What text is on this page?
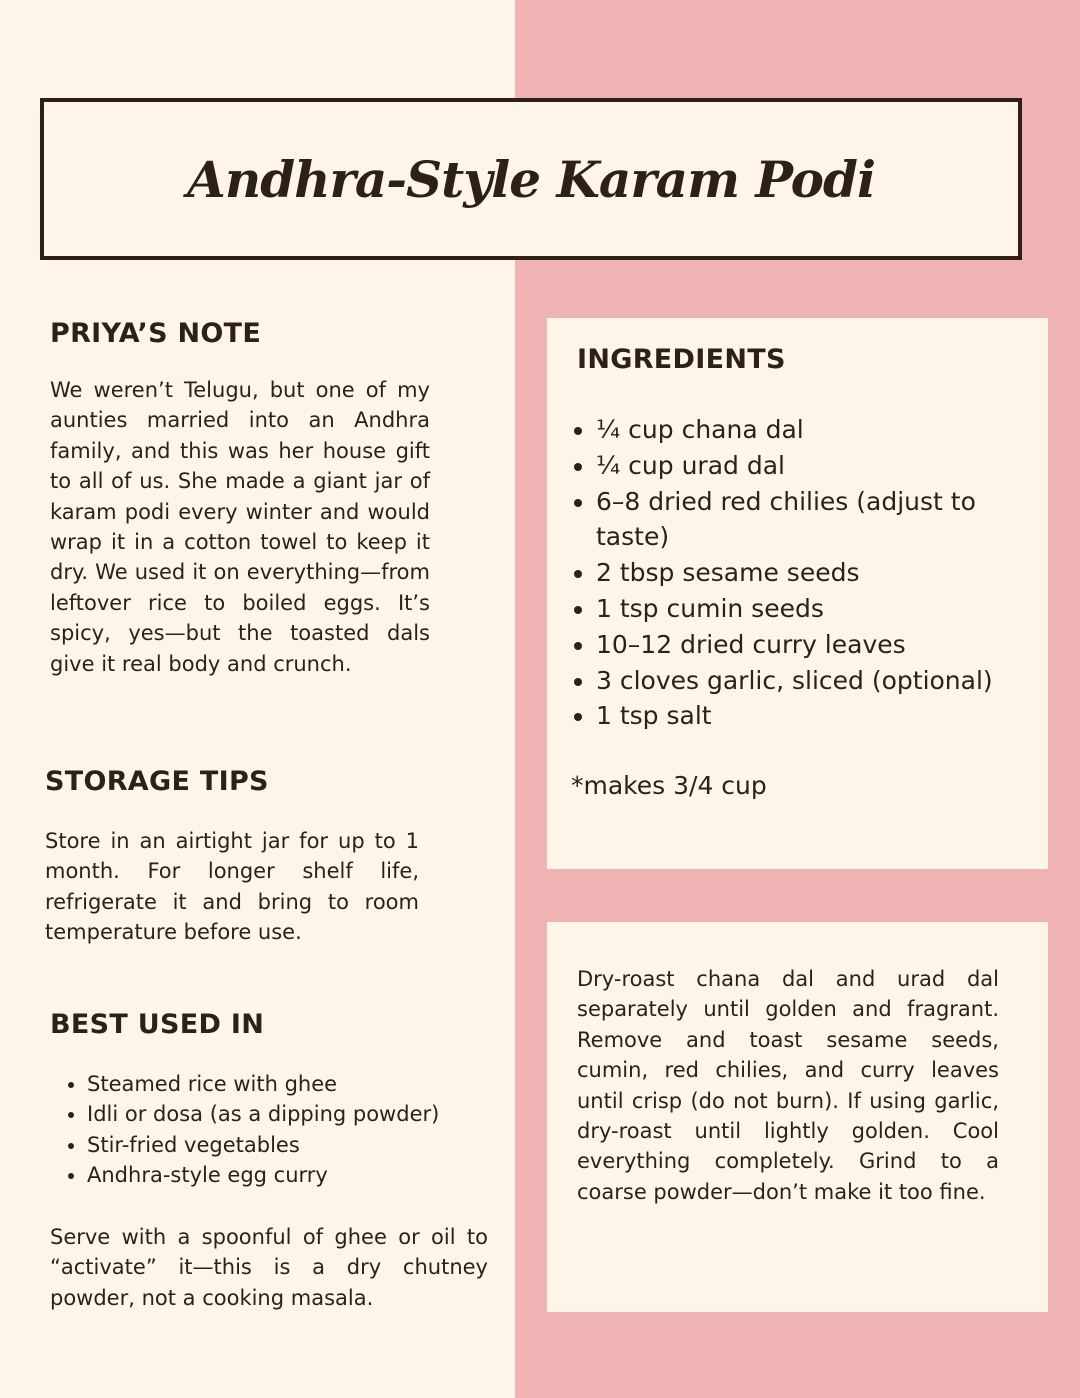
Andhra-Style Karam Podi
PRIYA’S NOTE

We weren’t Telugu, but one of my aunties married into an Andhra family, and this was her house gift to all of us. She made a giant jar of karam podi every winter and would wrap it in a cotton towel to keep it dry. We used it on everything—from leftover rice to boiled eggs. It’s spicy, yes—but the toasted dals give it real body and crunch.

STORAGE TIPS

Store in an airtight jar for up to 1 month. For longer shelf life, refrigerate it and bring to room temperature before use.

BEST USED IN
• Steamed rice with ghee
• Idli or dosa (as a dipping powder)
• Stir-fried vegetables
• Andhra-style egg curry

Serve with a spoonful of ghee or oil to “activate” it—this is a dry chutney powder, not a cooking masala.

INGREDIENTS
• ¼ cup chana dal
• ¼ cup urad dal
• 6–8 dried red chilies (adjust to taste)
• 2 tbsp sesame seeds
• 1 tsp cumin seeds
• 10–12 dried curry leaves
• 3 cloves garlic, sliced (optional)
• 1 tsp salt

*makes 3/4 cup

Dry-roast chana dal and urad dal separately until golden and fragrant. Remove and toast sesame seeds, cumin, red chilies, and curry leaves until crisp (do not burn). If using garlic, dry-roast until lightly golden. Cool everything completely. Grind to a coarse powder—don’t make it too fine.
